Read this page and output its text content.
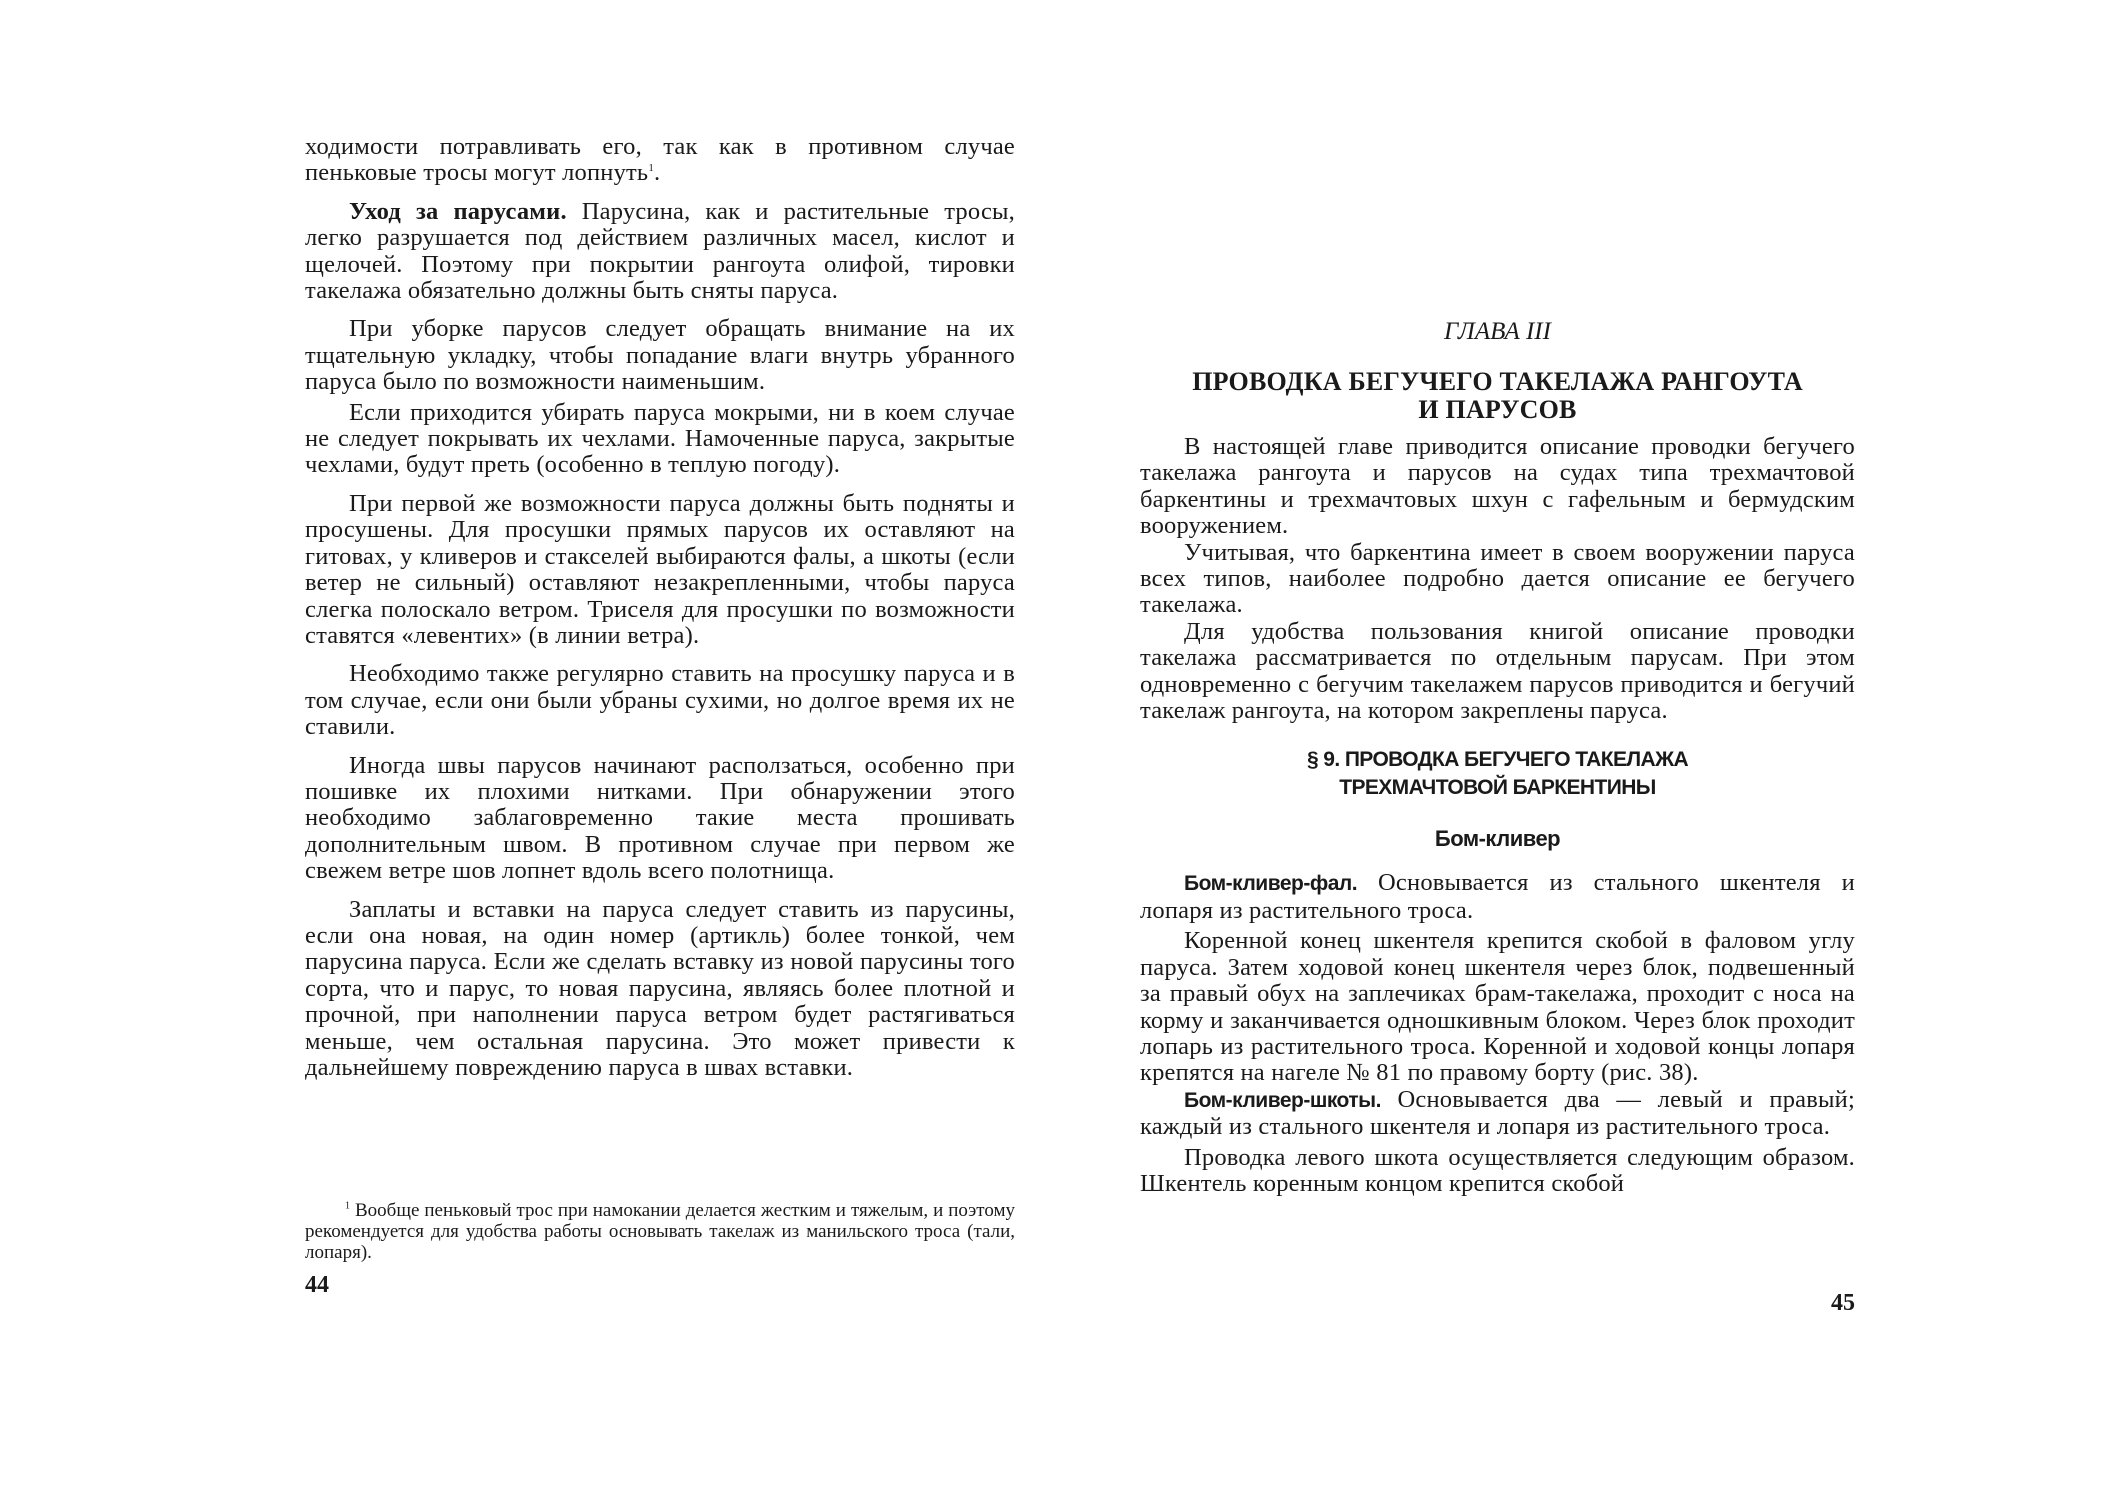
ходимости потравливать его, так как в противном случае пеньковые тросы могут лопнуть$^1$.

Уход за парусами. Парусина, как и растительные тросы, легко разрушается под действием различных масел, кислот и щелочей. Поэтому при покрытии рангоута олифой, тировки такелажа обязательно должны быть сняты паруса.

При уборке парусов следует обращать внимание на их тщательную укладку, чтобы попадание влаги внутрь убранного паруса было по возможности наименьшим.

Если приходится убирать паруса мокрыми, ни в коем случае не следует покрывать их чехлами. Намоченные паруса, закрытые чехлами, будут преть (особенно в теплую погоду).

При первой же возможности паруса должны быть подняты и просушены. Для просушки прямых парусов их оставляют на гитовах, у кливеров и стакселей выбираются фалы, а шкоты (если ветер не сильный) оставляют незакрепленными, чтобы паруса слегка полоскало ветром. Триселя для просушки по возможности ставятся «левентих» (в линии ветра).

Необходимо также регулярно ставить на просушку паруса и в том случае, если они были убраны сухими, но долгое время их не ставили.

Иногда швы парусов начинают расползаться, особенно при пошивке их плохими нитками. При обнаружении этого необходимо заблаговременно такие места прошивать дополнительным швом. В противном случае при первом же свежем ветре шов лопнет вдоль всего полотнища.

Заплаты и вставки на паруса следует ставить из парусины, если она новая, на один номер (артикль) более тонкой, чем парусина паруса. Если же сделать вставку из новой парусины того сорта, что и парус, то новая парусина, являясь более плотной и прочной, при наполнении паруса ветром будет растягиваться меньше, чем остальная парусина. Это может привести к дальнейшему повреждению паруса в швах вставки.

$^1$ Вообще пеньковый трос при намокании делается жестким и тяжелым, и поэтому рекомендуется для удобства работы основывать такелаж из манильского троса (тали, лопаря).
44
ГЛАВА III
ПРОВОДКА БЕГУЧЕГО ТАКЕЛАЖА РАНГОУТА
И ПАРУСОВ

В настоящей главе приводится описание проводки бегучего такелажа рангоута и парусов на судах типа трехмачтовой баркентины и трехмачтовых шхун с гафельным и бермудским вооружением.

Учитывая, что баркентина имеет в своем вооружении паруса всех типов, наиболее подробно дается описание ее бегучего такелажа.

Для удобства пользования книгой описание проводки такелажа рассматривается по отдельным парусам. При этом одновременно с бегучим такелажем парусов приводится и бегучий такелаж рангоута, на котором закреплены паруса.

§ 9. ПРОВОДКА БЕГУЧЕГО ТАКЕЛАЖА
ТРЕХМАЧТОВОЙ БАРКЕНТИНЫ
Бом-кливер

Бом-кливер-фал. Основывается из стального шкентеля и лопаря из растительного троса.

Коренной конец шкентеля крепится скобой в фаловом углу паруса. Затем ходовой конец шкентеля через блок, подвешенный за правый обух на заплечиках брам-такелажа, проходит с носа на корму и заканчивается одношкивным блоком. Через блок проходит лопарь из растительного троса. Коренной и ходовой концы лопаря крепятся на нагеле № 81 по правому борту (рис. 38).

Бом-кливер-шкоты. Основывается два — левый и правый; каждый из стального шкентеля и лопаря из растительного троса.

Проводка левого шкота осуществляется следующим образом. Шкентель коренным концом крепится скобой

45
